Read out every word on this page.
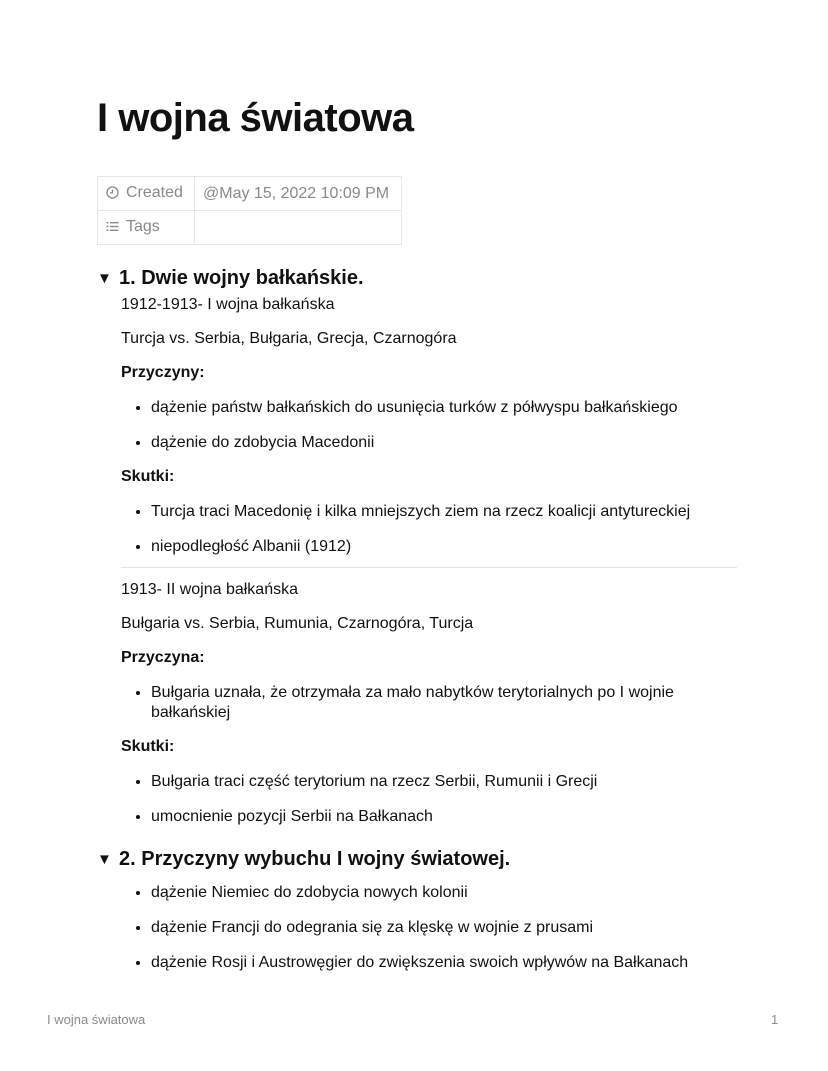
I wojna światowa
Created	@May 15, 2022 10:09 PM
Tags	
▼ 1. Dwie wojny bałkańskie.

1912-1913- I wojna bałkańska

Turcja vs. Serbia, Bułgaria, Grecja, Czarnogóra

Przyczyny:

• dążenie państw bałkańskich do usunięcia turków z półwyspu bałkańskiego
• dążenie do zdobycia Macedonii

Skutki:

• Turcja traci Macedonię i kilka mniejszych ziem na rzecz koalicji antytureckiej
• niepodległość Albanii (1912)

1913- II wojna bałkańska

Bułgaria vs. Serbia, Rumunia, Czarnogóra, Turcja

Przyczyna:

• Bułgaria uznała, że otrzymała za mało nabytków terytorialnych po I wojnie bałkańskiej

Skutki:

• Bułgaria traci część terytorium na rzecz Serbii, Rumunii i Grecji
• umocnienie pozycji Serbii na Bałkanach
▼ 2. Przyczyny wybuchu I wojny światowej.
• dążenie Niemiec do zdobycia nowych kolonii
• dążenie Francji do odegrania się za klęskę w wojnie z prusami
• dążenie Rosji i Austrowęgier do zwiększenia swoich wpływów na Bałkanach
I wojna światowa	1
